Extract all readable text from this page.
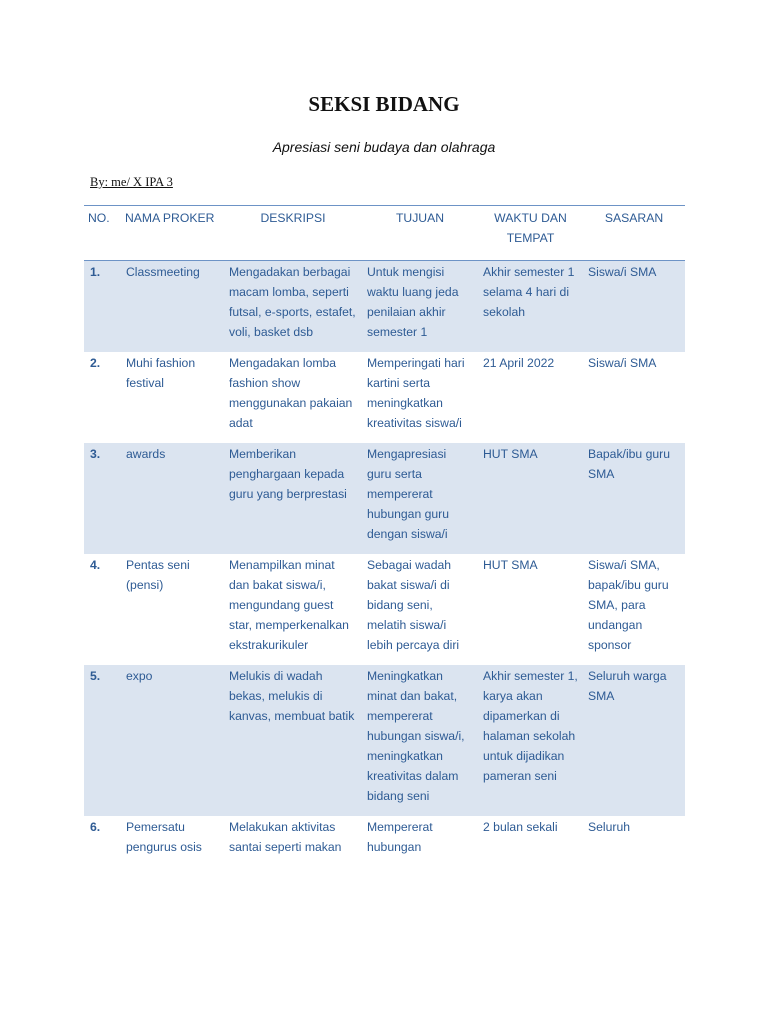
SEKSI BIDANG
Apresiasi seni budaya dan olahraga
By: me/ X IPA 3
NO.	NAMA PROKER	DESKRIPSI	TUJUAN	WAKTU DAN TEMPAT	SASARAN
1.	Classmeeting	Mengadakan berbagai macam lomba, seperti futsal, e-sports, estafet, voli, basket dsb	Untuk mengisi waktu luang jeda penilaian akhir semester 1	Akhir semester 1 selama 4 hari di sekolah	Siswa/i SMA
2.	Muhi fashion festival	Mengadakan lomba fashion show menggunakan pakaian adat	Memperingati hari kartini serta meningkatkan kreativitas siswa/i	21 April 2022	Siswa/i SMA
3.	awards	Memberikan penghargaan kepada guru yang berprestasi	Mengapresiasi guru serta mempererat hubungan guru dengan siswa/i	HUT SMA	Bapak/ibu guru SMA
4.	Pentas seni (pensi)	Menampilkan minat dan bakat siswa/i, mengundang guest star, memperkenalkan ekstrakurikuler	Sebagai wadah bakat siswa/i di bidang seni, melatih siswa/i lebih percaya diri	HUT SMA	Siswa/i SMA, bapak/ibu guru SMA, para undangan sponsor
5.	expo	Melukis di wadah bekas, melukis di kanvas, membuat batik	Meningkatkan minat dan bakat, mempererat hubungan siswa/i, meningkatkan kreativitas dalam bidang seni	Akhir semester 1, karya akan dipamerkan di halaman sekolah untuk dijadikan pameran seni	Seluruh warga SMA
6.	Pemersatu pengurus osis	Melakukan aktivitas santai seperti makan	Mempererat hubungan	2 bulan sekali	Seluruh
